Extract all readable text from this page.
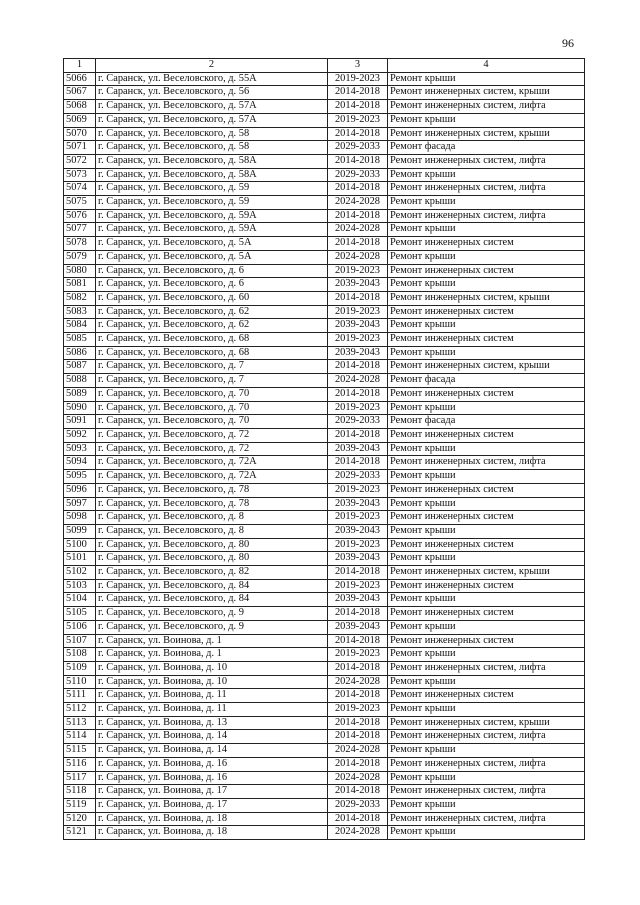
96
1	2	3	4
5066	г. Саранск, ул. Веселовского, д. 55А	2019-2023	Ремонт крыши
5067	г. Саранск, ул. Веселовского, д. 56	2014-2018	Ремонт инженерных систем, крыши
5068	г. Саранск, ул. Веселовского, д. 57А	2014-2018	Ремонт инженерных систем, лифта
5069	г. Саранск, ул. Веселовского, д. 57А	2019-2023	Ремонт крыши
5070	г. Саранск, ул. Веселовского, д. 58	2014-2018	Ремонт инженерных систем, крыши
5071	г. Саранск, ул. Веселовского, д. 58	2029-2033	Ремонт фасада
5072	г. Саранск, ул. Веселовского, д. 58А	2014-2018	Ремонт инженерных систем, лифта
5073	г. Саранск, ул. Веселовского, д. 58А	2029-2033	Ремонт крыши
5074	г. Саранск, ул. Веселовского, д. 59	2014-2018	Ремонт инженерных систем, лифта
5075	г. Саранск, ул. Веселовского, д. 59	2024-2028	Ремонт крыши
5076	г. Саранск, ул. Веселовского, д. 59А	2014-2018	Ремонт инженерных систем, лифта
5077	г. Саранск, ул. Веселовского, д. 59А	2024-2028	Ремонт крыши
5078	г. Саранск, ул. Веселовского, д. 5А	2014-2018	Ремонт инженерных систем
5079	г. Саранск, ул. Веселовского, д. 5А	2024-2028	Ремонт крыши
5080	г. Саранск, ул. Веселовского, д. 6	2019-2023	Ремонт инженерных систем
5081	г. Саранск, ул. Веселовского, д. 6	2039-2043	Ремонт крыши
5082	г. Саранск, ул. Веселовского, д. 60	2014-2018	Ремонт инженерных систем, крыши
5083	г. Саранск, ул. Веселовского, д. 62	2019-2023	Ремонт инженерных систем
5084	г. Саранск, ул. Веселовского, д. 62	2039-2043	Ремонт крыши
5085	г. Саранск, ул. Веселовского, д. 68	2019-2023	Ремонт инженерных систем
5086	г. Саранск, ул. Веселовского, д. 68	2039-2043	Ремонт крыши
5087	г. Саранск, ул. Веселовского, д. 7	2014-2018	Ремонт инженерных систем, крыши
5088	г. Саранск, ул. Веселовского, д. 7	2024-2028	Ремонт фасада
5089	г. Саранск, ул. Веселовского, д. 70	2014-2018	Ремонт инженерных систем
5090	г. Саранск, ул. Веселовского, д. 70	2019-2023	Ремонт крыши
5091	г. Саранск, ул. Веселовского, д. 70	2029-2033	Ремонт фасада
5092	г. Саранск, ул. Веселовского, д. 72	2014-2018	Ремонт инженерных систем
5093	г. Саранск, ул. Веселовского, д. 72	2039-2043	Ремонт крыши
5094	г. Саранск, ул. Веселовского, д. 72А	2014-2018	Ремонт инженерных систем, лифта
5095	г. Саранск, ул. Веселовского, д. 72А	2029-2033	Ремонт крыши
5096	г. Саранск, ул. Веселовского, д. 78	2019-2023	Ремонт инженерных систем
5097	г. Саранск, ул. Веселовского, д. 78	2039-2043	Ремонт крыши
5098	г. Саранск, ул. Веселовского, д. 8	2019-2023	Ремонт инженерных систем
5099	г. Саранск, ул. Веселовского, д. 8	2039-2043	Ремонт крыши
5100	г. Саранск, ул. Веселовского, д. 80	2019-2023	Ремонт инженерных систем
5101	г. Саранск, ул. Веселовского, д. 80	2039-2043	Ремонт крыши
5102	г. Саранск, ул. Веселовского, д. 82	2014-2018	Ремонт инженерных систем, крыши
5103	г. Саранск, ул. Веселовского, д. 84	2019-2023	Ремонт инженерных систем
5104	г. Саранск, ул. Веселовского, д. 84	2039-2043	Ремонт крыши
5105	г. Саранск, ул. Веселовского, д. 9	2014-2018	Ремонт инженерных систем
5106	г. Саранск, ул. Веселовского, д. 9	2039-2043	Ремонт крыши
5107	г. Саранск, ул. Воинова, д. 1	2014-2018	Ремонт инженерных систем
5108	г. Саранск, ул. Воинова, д. 1	2019-2023	Ремонт крыши
5109	г. Саранск, ул. Воинова, д. 10	2014-2018	Ремонт инженерных систем, лифта
5110	г. Саранск, ул. Воинова, д. 10	2024-2028	Ремонт крыши
5111	г. Саранск, ул. Воинова, д. 11	2014-2018	Ремонт инженерных систем
5112	г. Саранск, ул. Воинова, д. 11	2019-2023	Ремонт крыши
5113	г. Саранск, ул. Воинова, д. 13	2014-2018	Ремонт инженерных систем, крыши
5114	г. Саранск, ул. Воинова, д. 14	2014-2018	Ремонт инженерных систем, лифта
5115	г. Саранск, ул. Воинова, д. 14	2024-2028	Ремонт крыши
5116	г. Саранск, ул. Воинова, д. 16	2014-2018	Ремонт инженерных систем, лифта
5117	г. Саранск, ул. Воинова, д. 16	2024-2028	Ремонт крыши
5118	г. Саранск, ул. Воинова, д. 17	2014-2018	Ремонт инженерных систем, лифта
5119	г. Саранск, ул. Воинова, д. 17	2029-2033	Ремонт крыши
5120	г. Саранск, ул. Воинова, д. 18	2014-2018	Ремонт инженерных систем, лифта
5121	г. Саранск, ул. Воинова, д. 18	2024-2028	Ремонт крыши
